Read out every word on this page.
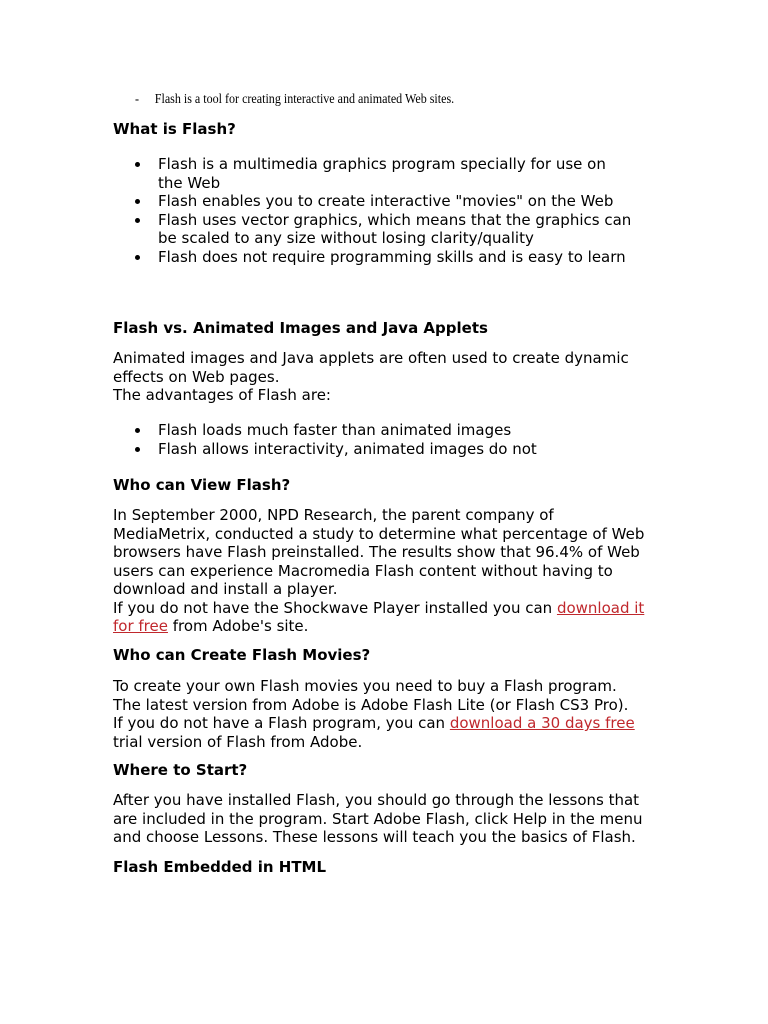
- Flash is a tool for creating interactive and animated Web sites.
What is Flash?
Flash is a multimedia graphics program specially for use on the Web
Flash enables you to create interactive "movies" on the Web
Flash uses vector graphics, which means that the graphics can be scaled to any size without losing clarity/quality
Flash does not require programming skills and is easy to learn
Flash vs. Animated Images and Java Applets

Animated images and Java applets are often used to create dynamic effects on Web pages.

The advantages of Flash are:

Flash loads much faster than animated images
Flash allows interactivity, animated images do not
Who can View Flash?

In September 2000, NPD Research, the parent company of MediaMetrix, conducted a study to determine what percentage of Web browsers have Flash preinstalled. The results show that 96.4% of Web users can experience Macromedia Flash content without having to download and install a player.

If you do not have the Shockwave Player installed you can download it for free from Adobe's site.

Who can Create Flash Movies?

To create your own Flash movies you need to buy a Flash program.

The latest version from Adobe is Adobe Flash Lite (or Flash CS3 Pro).

If you do not have a Flash program, you can download a 30 days free trial version of Flash from Adobe.

Where to Start?

After you have installed Flash, you should go through the lessons that are included in the program. Start Adobe Flash, click Help in the menu and choose Lessons. These lessons will teach you the basics of Flash.

Flash Embedded in HTML
